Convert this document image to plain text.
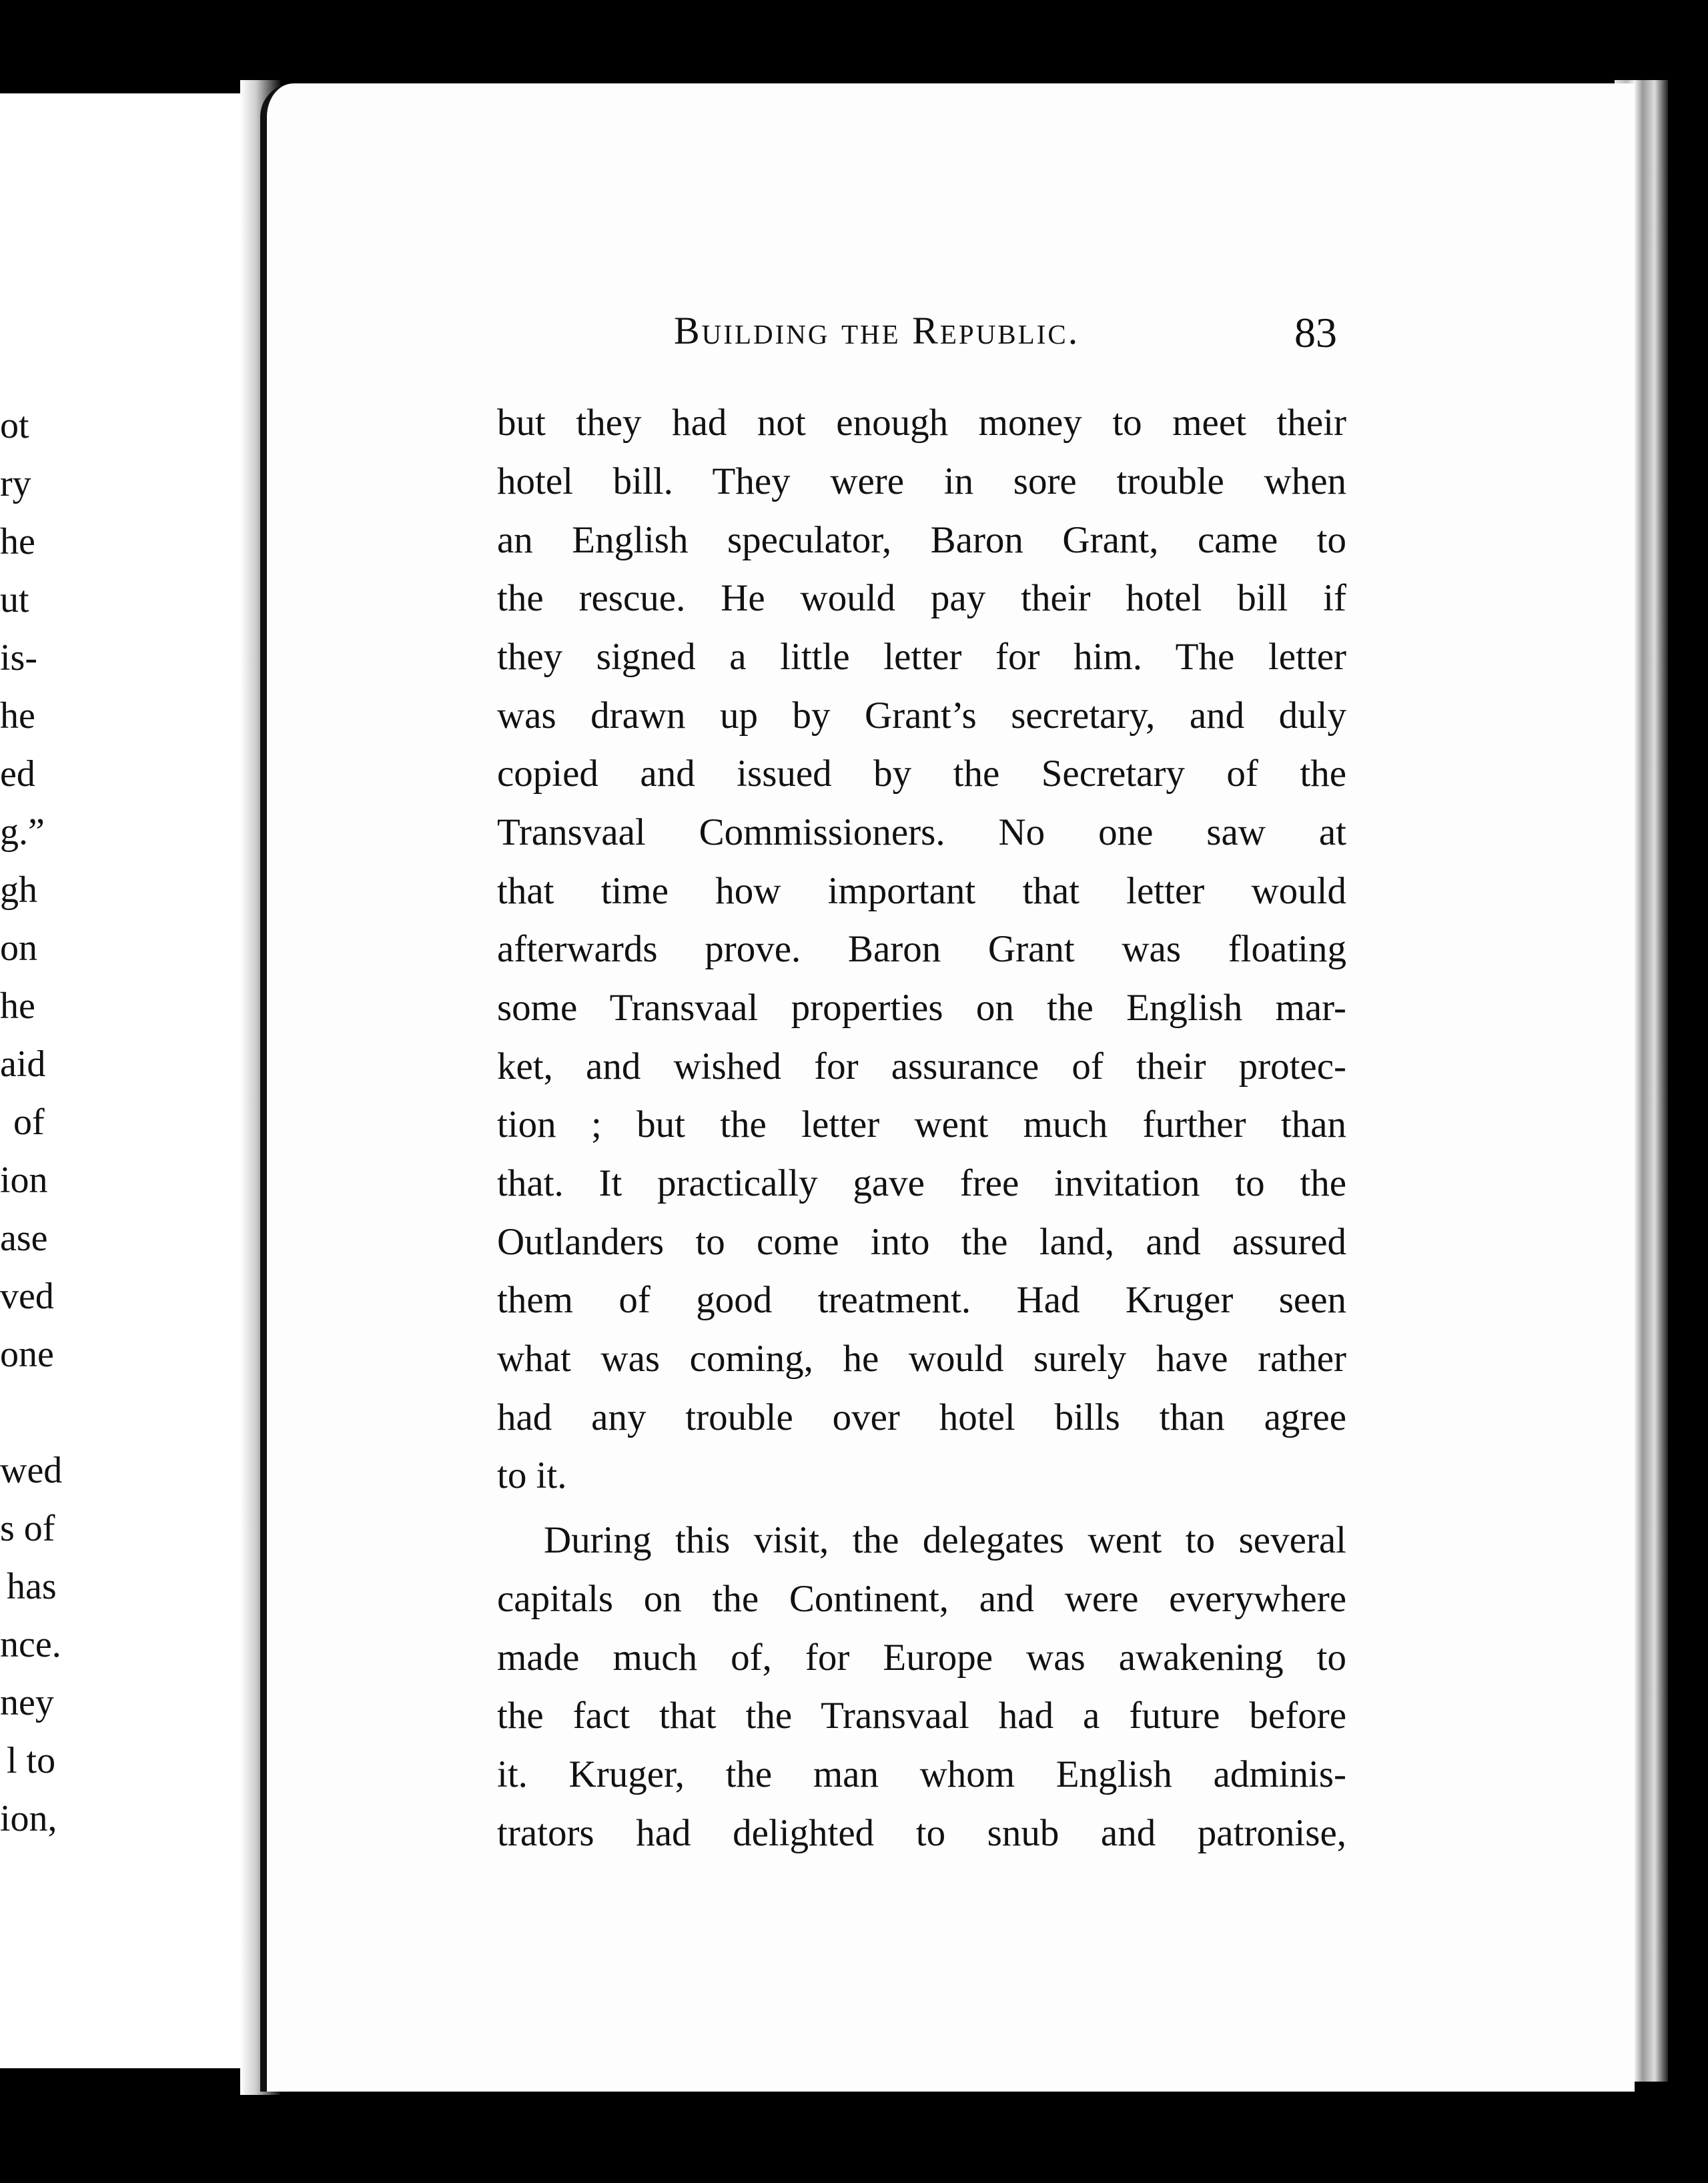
ot
ry
he
ut
is-
he
ed
g.”
gh
on
he
aid
of
ion
ase
ved
one
wed
s of
has
nce.
ney
l to
ion,
Building the Republic.	83
but they had not enough money to meet their
hotel bill. They were in sore trouble when
an English speculator, Baron Grant, came to
the rescue. He would pay their hotel bill if
they signed a little letter for him. The letter
was drawn up by Grant’s secretary, and duly
copied and issued by the Secretary of the
Transvaal Commissioners. No one saw at
that time how important that letter would
afterwards prove. Baron Grant was floating
some Transvaal properties on the English mar-
ket, and wished for assurance of their protec-
tion ; but the letter went much further than
that. It practically gave free invitation to the
Outlanders to come into the land, and assured
them of good treatment. Had Kruger seen
what was coming, he would surely have rather
had any trouble over hotel bills than agree
to it.
During this visit, the delegates went to several
capitals on the Continent, and were everywhere
made much of, for Europe was awakening to
the fact that the Transvaal had a future before
it. Kruger, the man whom English adminis-
trators had delighted to snub and patronise,
